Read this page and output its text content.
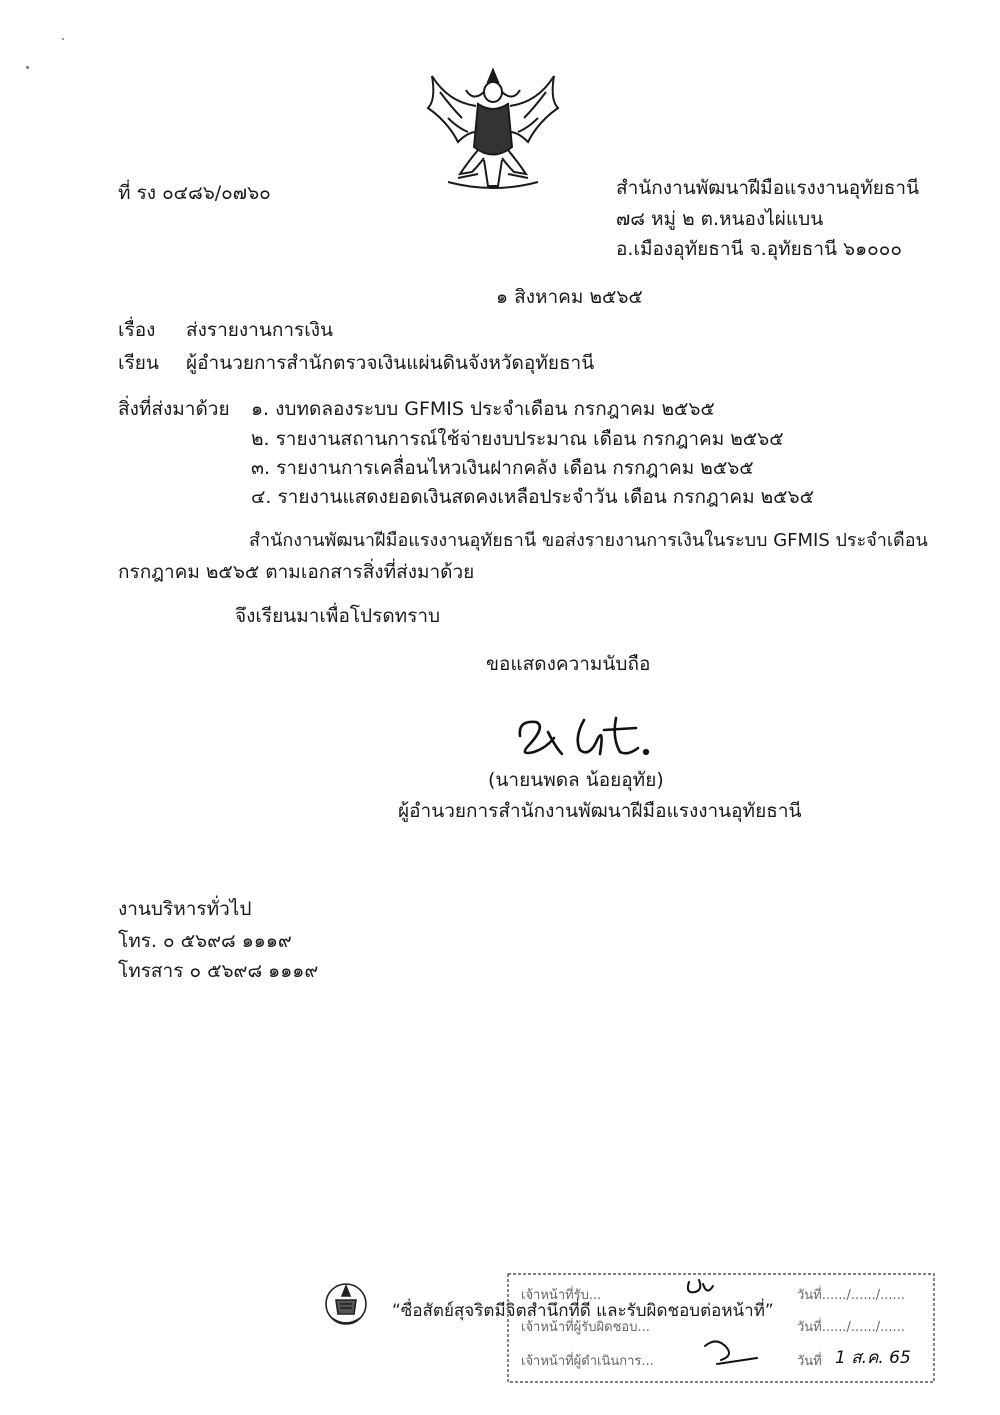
ที่ รง ๐๔๘๖/๐๗๖๐	สำนักงานพัฒนาฝีมือแรงงานอุทัยธานี
๗๘ หมู่ ๒ ต.หนองไผ่แบน
อ.เมืองอุทัยธานี จ.อุทัยธานี ๖๑๐๐๐
๑ สิงหาคม ๒๕๖๕
เรื่อง ส่งรายงานการเงิน
เรียน ผู้อำนวยการสำนักตรวจเงินแผ่นดินจังหวัดอุทัยธานี
สิ่งที่ส่งมาด้วย ๑. งบทดลองระบบ GFMIS ประจำเดือน กรกฎาคม ๒๕๖๕
๒. รายงานสถานการณ์ใช้จ่ายงบประมาณ เดือน กรกฎาคม ๒๕๖๕
๓. รายงานการเคลื่อนไหวเงินฝากคลัง เดือน กรกฎาคม ๒๕๖๕
๔. รายงานแสดงยอดเงินสดคงเหลือประจำวัน เดือน กรกฎาคม ๒๕๖๕
สำนักงานพัฒนาฝีมือแรงงานอุทัยธานี ขอส่งรายงานการเงินในระบบ GFMIS ประจำเดือน
กรกฎาคม ๒๕๖๕ ตามเอกสารสิ่งที่ส่งมาด้วย
จึงเรียนมาเพื่อโปรดทราบ
ขอแสดงความนับถือ
(นายนพดล น้อยอุทัย)
ผู้อำนวยการสำนักงานพัฒนาฝีมือแรงงานอุทัยธานี
งานบริหารทั่วไป
โทร. ๐ ๕๖๙๘ ๑๑๑๙
โทรสาร ๐ ๕๖๙๘ ๑๑๑๙
“ซื่อสัตย์สุจริตมีจิตสำนึกที่ดี และรับผิดชอบต่อหน้าที่”
เจ้าหน้าที่รับ...	วันที่....../....../......
เจ้าหน้าที่ผู้รับผิดชอบ...	วันที่....../....../......
เจ้าหน้าที่ผู้ดำเนินการ...	วันที่ 1 ส.ค. 65
